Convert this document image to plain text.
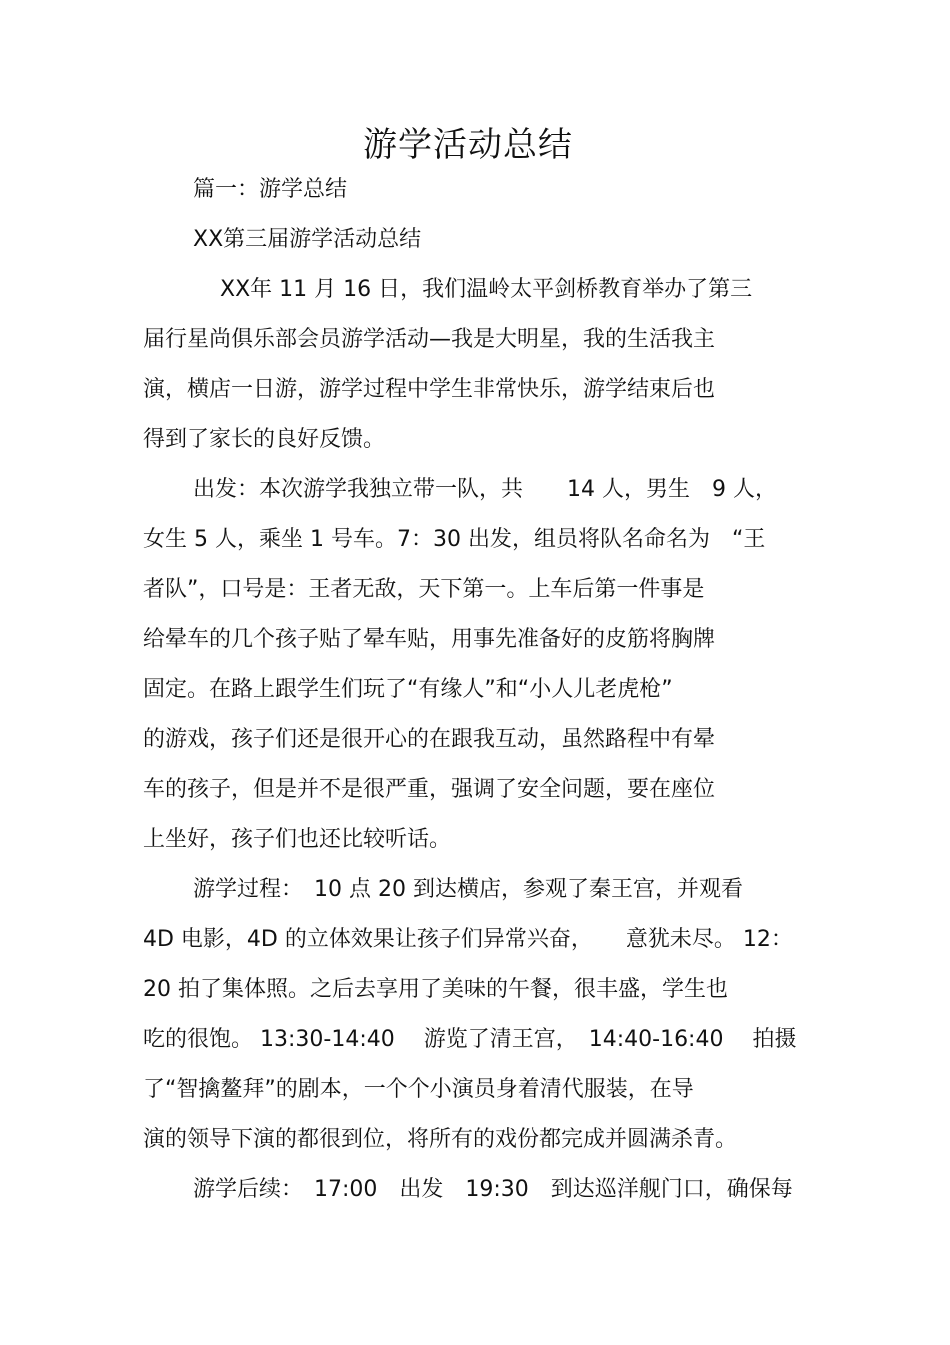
游学活动总结
篇一：游学总结
XX第三届游学活动总结
XX年 11 月 16 日，我们温岭太平剑桥教育举办了第三
届行星尚俱乐部会员游学活动—我是大明星，我的生活我主
演，横店一日游，游学过程中学生非常快乐，游学结束后也
得到了家长的良好反馈。
出发：本次游学我独立带一队，共　　14 人，男生　9 人，
女生 5 人，乘坐 1 号车。7：30 出发，组员将队名命名为　“王
者队”，口号是：王者无敌，天下第一。上车后第一件事是
给晕车的几个孩子贴了晕车贴，用事先准备好的皮筋将胸牌
固定。在路上跟学生们玩了“有缘人”和“小人儿老虎枪”
的游戏，孩子们还是很开心的在跟我互动，虽然路程中有晕
车的孩子，但是并不是很严重，强调了安全问题，要在座位
上坐好，孩子们也还比较听话。
游学过程：　10 点 20 到达横店，参观了秦王宫，并观看
4D 电影，4D 的立体效果让孩子们异常兴奋，　　意犹未尽。 12：
20 拍了集体照。之后去享用了美味的午餐，很丰盛，学生也
吃的很饱。 13:30-14:40　 游览了清王宫，　14:40-16:40　 拍摄
了“智擒鳌拜”的剧本，一个个小演员身着清代服装，在导
演的领导下演的都很到位，将所有的戏份都完成并圆满杀青。
游学后续：　17:00　出发　19:30　到达巡洋舰门口，确保每
